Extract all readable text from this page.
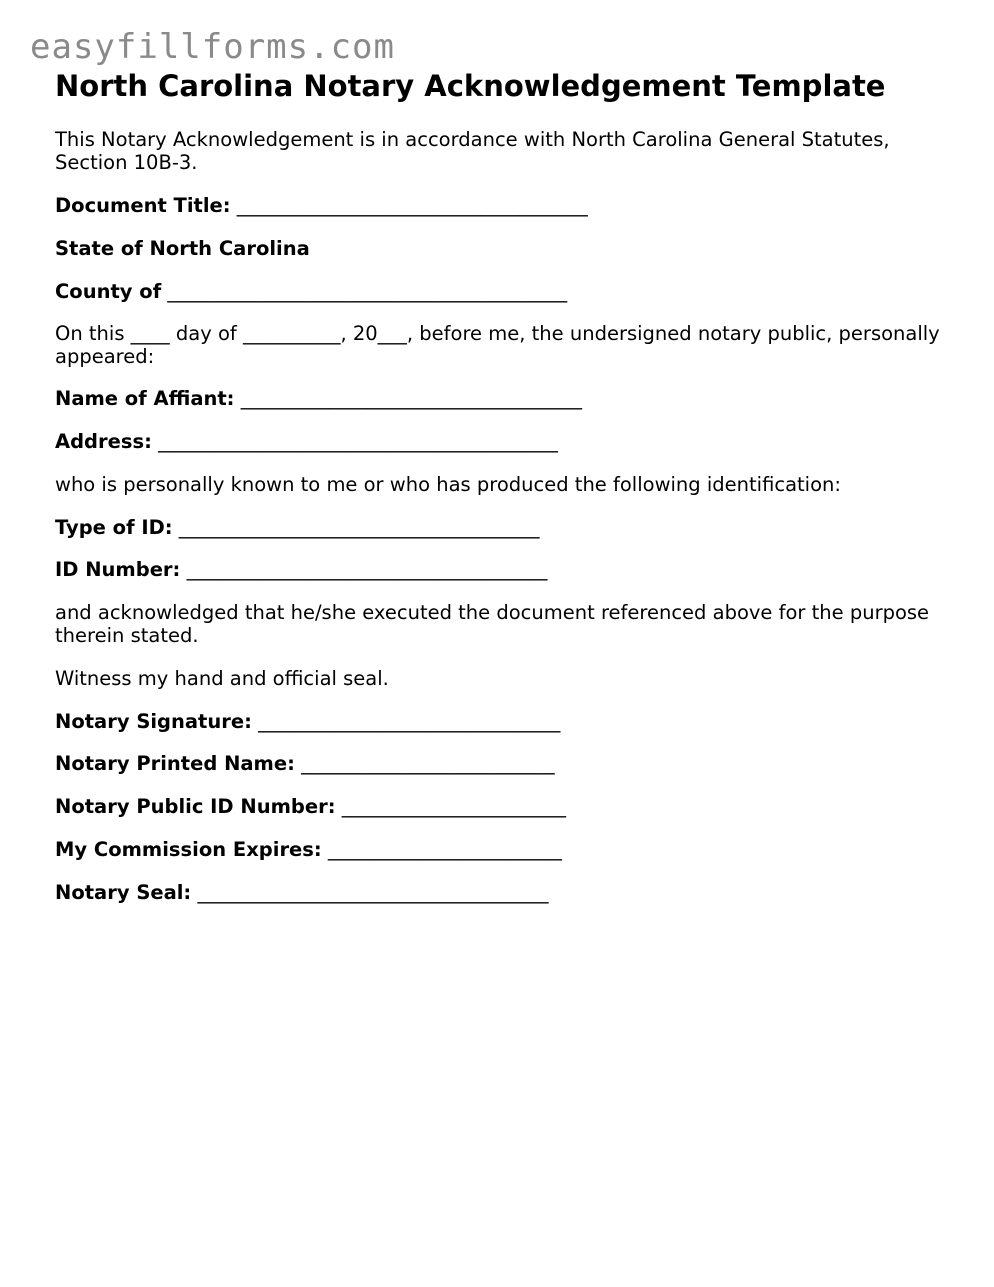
easyfillforms.com
North Carolina Notary Acknowledgement Template

This Notary Acknowledgement is in accordance with North Carolina General Statutes, Section 10B-3.

Document Title: ____________________________________

State of North Carolina

County of _________________________________________

On this ____ day of __________, 20___, before me, the undersigned notary public, personally appeared:

Name of Affiant: ___________________________________

Address: _________________________________________

who is personally known to me or who has produced the following identification:

Type of ID: _____________________________________

ID Number: _____________________________________

and acknowledged that he/she executed the document referenced above for the purpose therein stated.

Witness my hand and official seal.

Notary Signature: _______________________________

Notary Printed Name: __________________________

Notary Public ID Number: _______________________

My Commission Expires: ________________________

Notary Seal: ____________________________________
